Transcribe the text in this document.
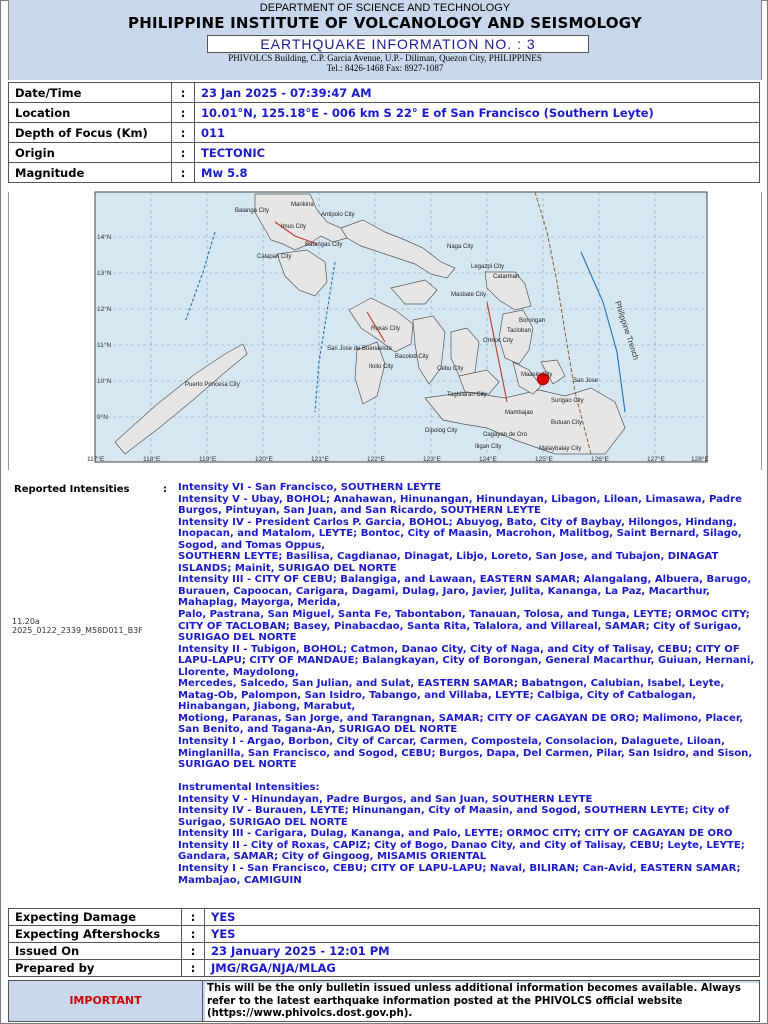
DEPARTMENT OF SCIENCE AND TECHNOLOGY
PHILIPPINE INSTITUTE OF VOLCANOLOGY AND SEISMOLOGY
EARTHQUAKE INFORMATION NO. : 3
PHIVOLCS Building, C.P. Garcia Avenue, U.P.- Diliman, Quezon City, PHILIPPINES
Tel.: 8426-1468 Fax: 8927-1087
Date/Time	:	23 Jan 2025 - 07:39:47 AM
Location	:	10.01°N, 125.18°E - 006 km S 22° E of San Francisco (Southern Leyte)
Depth of Focus (Km)	:	011
Origin	:	TECTONIC
Magnitude	:	Mw 5.8
Philippine Trench
117°E	118°E	119°E	120°E	121°E	122°E	123°E	124°E	125°E	126°E	127°E	128°E
14°N
13°N
12°N
11°N
10°N
9°N
Balanga City
Marikina
Antipolo City
Imus City
Batangas City
Calapan City
Legazpi City
Naga City
Catarman
Masbate City
Borongan
Ormoc City
Tacloban
Roxas City
Iloilo City
Bacolod City
Cebu City
Tagbilaran City
Maasin City
San Jose
Surigao City
Dipolog City
Cagayan de Oro
Butuan City
Puerto Princesa City
San Jose de Buenavista
Mambajao
Iligan City	Malaybalay City
Reported Intensities	:
11.20a
2025_0122_2339_M58D011_B3F

Intensity VI - San Francisco, SOUTHERN LEYTE

Intensity V - Ubay, BOHOL; Anahawan, Hinunangan, Hinundayan, Libagon, Liloan, Limasawa, Padre Burgos, Pintuyan, San Juan, and San Ricardo, SOUTHERN LEYTE

Intensity IV - President Carlos P. Garcia, BOHOL; Abuyog, Bato, City of Baybay, Hilongos, Hindang, Inopacan, and Matalom, LEYTE; Bontoc, City of Maasin, Macrohon, Malitbog, Saint Bernard, Silago, Sogod, and Tomas Oppus,

SOUTHERN LEYTE; Basilisa, Cagdianao, Dinagat, Libjo, Loreto, San Jose, and Tubajon, DINAGAT ISLANDS; Mainit, SURIGAO DEL NORTE

Intensity III - CITY OF CEBU; Balangiga, and Lawaan, EASTERN SAMAR; Alangalang, Albuera, Barugo, Burauen, Capoocan, Carigara, Dagami, Dulag, Jaro, Javier, Julita, Kananga, La Paz, Macarthur, Mahaplag, Mayorga, Merida,

Palo, Pastrana, San Miguel, Santa Fe, Tabontabon, Tanauan, Tolosa, and Tunga, LEYTE; ORMOC CITY; CITY OF TACLOBAN; Basey, Pinabacdao, Santa Rita, Talalora, and Villareal, SAMAR; City of Surigao, SURIGAO DEL NORTE

Intensity II - Tubigon, BOHOL; Catmon, Danao City, City of Naga, and City of Talisay, CEBU; CITY OF LAPU-LAPU; CITY OF MANDAUE; Balangkayan, City of Borongan, General Macarthur, Guiuan, Hernani, Llorente, Maydolong,

Mercedes, Salcedo, San Julian, and Sulat, EASTERN SAMAR; Babatngon, Calubian, Isabel, Leyte, Matag-Ob, Palompon, San Isidro, Tabango, and Villaba, LEYTE; Calbiga, City of Catbalogan, Hinabangan, Jiabong, Marabut,

Motiong, Paranas, San Jorge, and Tarangnan, SAMAR; CITY OF CAGAYAN DE ORO; Malimono, Placer, San Benito, and Tagana-An, SURIGAO DEL NORTE

Intensity I - Argao, Borbon, City of Carcar, Carmen, Compostela, Consolacion, Dalaguete, Liloan, Minglanilla, San Francisco, and Sogod, CEBU; Burgos, Dapa, Del Carmen, Pilar, San Isidro, and Sison, SURIGAO DEL NORTE

Instrumental Intensities:

Intensity V - Hinundayan, Padre Burgos, and San Juan, SOUTHERN LEYTE

Intensity IV - Burauen, LEYTE; Hinunangan, City of Maasin, and Sogod, SOUTHERN LEYTE; City of Surigao, SURIGAO DEL NORTE

Intensity III - Carigara, Dulag, Kananga, and Palo, LEYTE; ORMOC CITY; CITY OF CAGAYAN DE ORO

Intensity II - City of Roxas, CAPIZ; City of Bogo, Danao City, and City of Talisay, CEBU; Leyte, LEYTE; Gandara, SAMAR; City of Gingoog, MISAMIS ORIENTAL

Intensity I - San Francisco, CEBU; CITY OF LAPU-LAPU; Naval, BILIRAN; Can-Avid, EASTERN SAMAR; Mambajao, CAMIGUIN

Expecting Damage	:	YES
Expecting Aftershocks	:	YES
Issued On	:	23 January 2025 - 12:01 PM
Prepared by	:	JMG/RGA/NJA/MLAG
IMPORTANT
This will be the only bulletin issued unless additional information becomes available. Always refer to the latest earthquake information posted at the PHIVOLCS official website (https://www.phivolcs.dost.gov.ph).
